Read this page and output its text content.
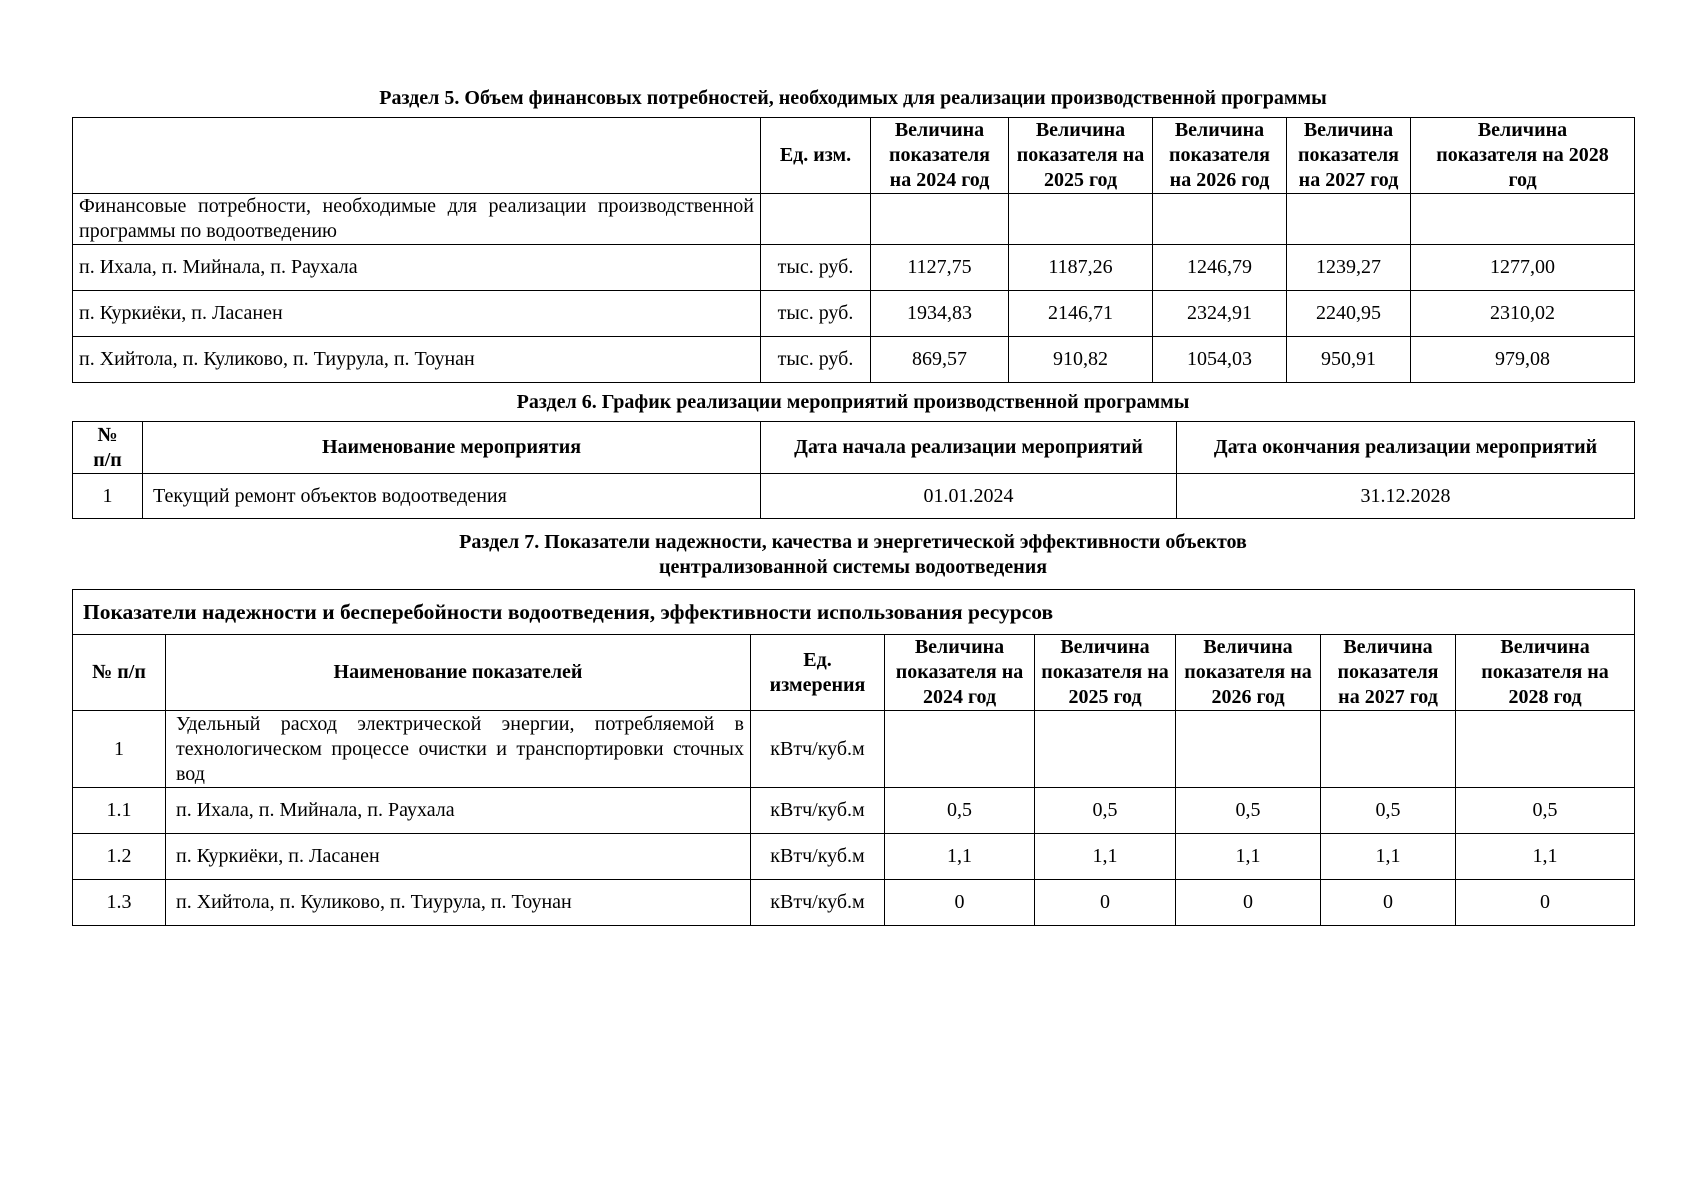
Раздел 5. Объем финансовых потребностей, необходимых для реализации производственной программы
	Ед. изм.	Величина показателя на 2024 год	Величина показателя на 2025 год	Величина показателя на 2026 год	Величина показателя на 2027 год	Величина показателя на 2028 год
Финансовые потребности, необходимые для реализации производственной программы по водоотведению						
п. Ихала, п. Мийнала, п. Раухала	тыс. руб.	1127,75	1187,26	1246,79	1239,27	1277,00
п. Куркиёки, п. Ласанен	тыс. руб.	1934,83	2146,71	2324,91	2240,95	2310,02
п. Хийтола, п. Куликово, п. Тиурула, п. Тоунан	тыс. руб.	869,57	910,82	1054,03	950,91	979,08
Раздел 6. График реализации мероприятий производственной программы
№ п/п	Наименование мероприятия	Дата начала реализации мероприятий	Дата окончания реализации мероприятий
1	Текущий ремонт объектов водоотведения	01.01.2024	31.12.2028
Раздел 7. Показатели надежности, качества и энергетической эффективности объектов
централизованной системы водоотведения
Показатели надежности и бесперебойности водоотведения, эффективности использования ресурсов							
№ п/п	Наименование показателей	Ед. измерения	Величина показателя на 2024 год	Величина показателя на 2025 год	Величина показателя на 2026 год	Величина показателя на 2027 год	Величина показателя на 2028 год
1	Удельный расход электрической энергии, потребляемой в технологическом процессе очистки и транспортировки сточных вод	кВтч/куб.м					
1.1	п. Ихала, п. Мийнала, п. Раухала	кВтч/куб.м	0,5	0,5	0,5	0,5	0,5
1.2	п. Куркиёки, п. Ласанен	кВтч/куб.м	1,1	1,1	1,1	1,1	1,1
1.3	п. Хийтола, п. Куликово, п. Тиурула, п. Тоунан	кВтч/куб.м	0	0	0	0	0
